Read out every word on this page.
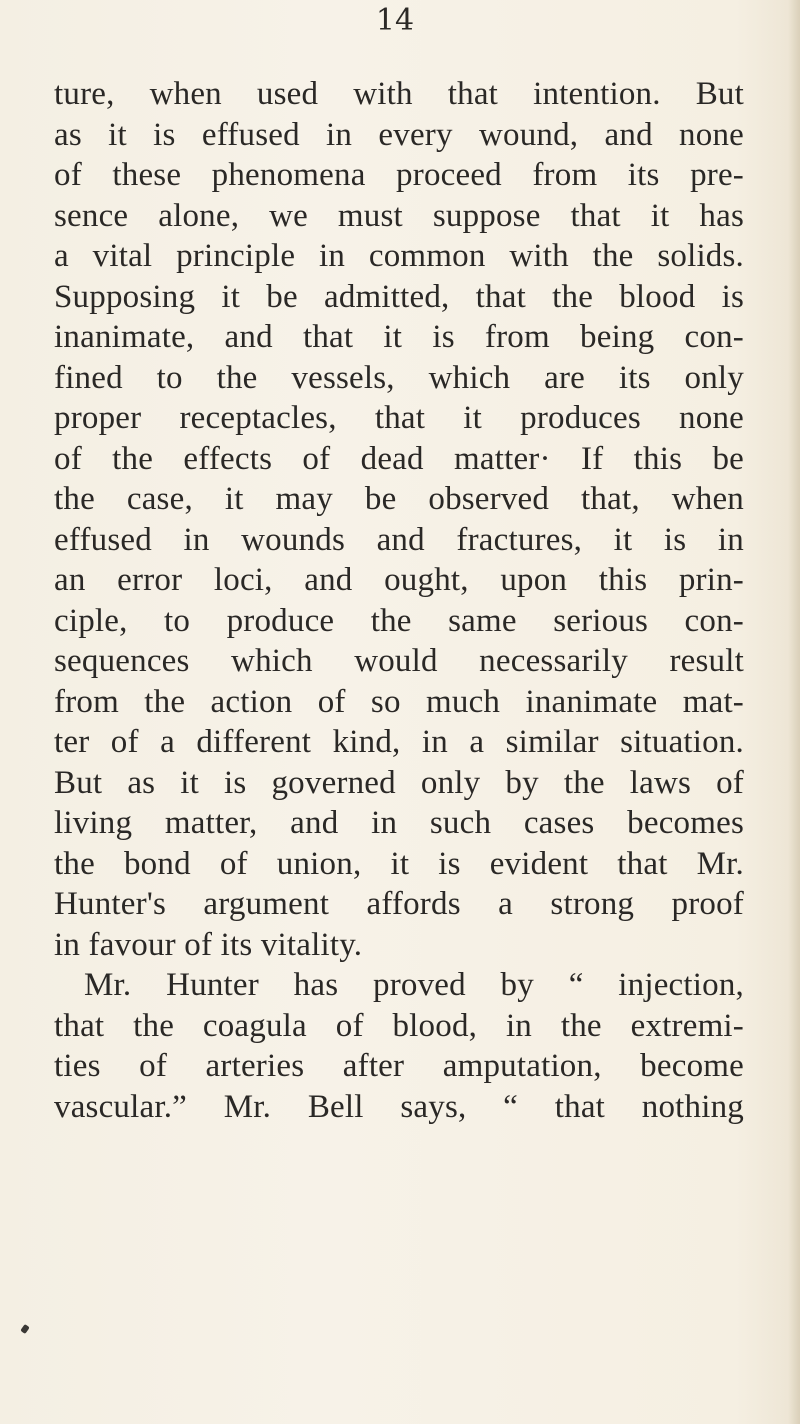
14
ture, when used with that intention. But
as it is effused in every wound, and none
of these phenomena proceed from its pre-
sence alone, we must suppose that it has
a vital principle in common with the solids.
Supposing it be admitted, that the blood is
inanimate, and that it is from being con-
fined to the vessels, which are its only
proper receptacles, that it produces none
of the effects of dead matter· If this be
the case, it may be observed that, when
effused in wounds and fractures, it is in
an error loci, and ought, upon this prin-
ciple, to produce the same serious con-
sequences which would necessarily result
from the action of so much inanimate mat-
ter of a different kind, in a similar situation.
But as it is governed only by the laws of
living matter, and in such cases becomes
the bond of union, it is evident that Mr.
Hunter's argument affords a strong proof
in favour of its vitality.
Mr. Hunter has proved by “ injection,
that the coagula of blood, in the extremi-
ties of arteries after amputation, become
vascular.” Mr. Bell says, “ that nothing
